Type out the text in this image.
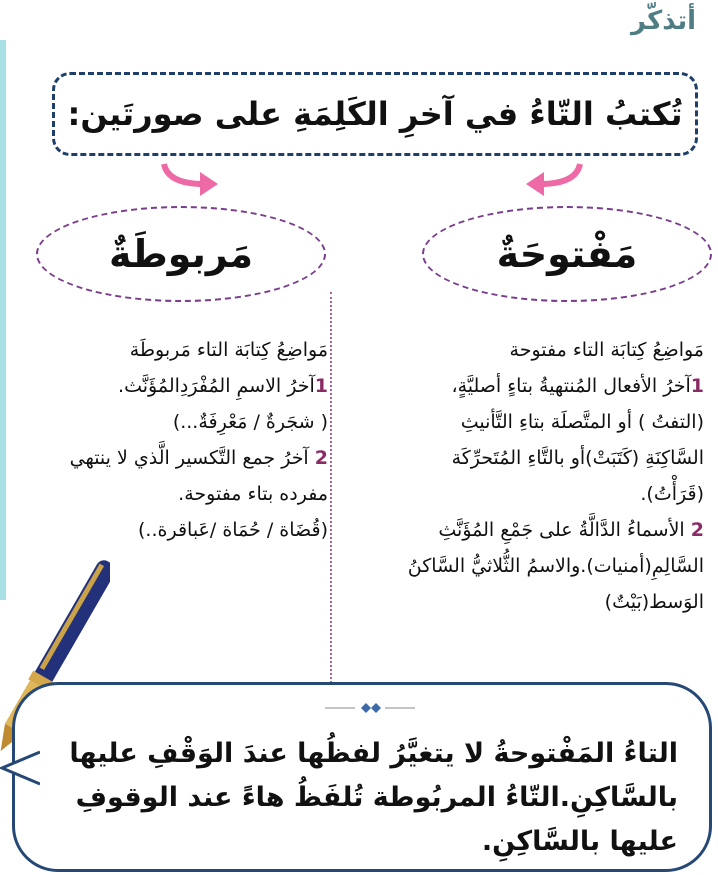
أتذكّر
تُكتبُ التّاءُ في آخرِ الكَلِمَةِ على صورتَين:
مَفْتوحَةٌ
مَربوطَةٌ
مَواضِعُ كِتابَة التاء مفتوحة
1آخرُ الأفعال المُنتهيةُ بتاءٍ أصليَّةٍ،
(التفتُ ) أو المتَّصلَة بتاءِ التَّأنيثِ
السَّاكِنَةِ (كَتَبَتْ)أو بالتَّاءِ المُتَحرِّكَة
(قَرَأْتُ).
2 الأسماءُ الدَّالَّةُ على جَمْعِ المُؤَنَّثِ
السَّالِمِ(أمنيات).والاسمُ الثُّلاثيُّ السَّاكنُ
الوَسط(بَيْتٌ)
مَواضِعُ كِتابَة التاء مَربوطَة
1آخرُ الاسمِ المُفْرَدِالمُؤَنَّث.
( شجَرةٌ / مَعْرِفَةٌ...)
2 آخرُ جمع التَّكسير الَّذي لا ينتهي
مفرده بتاء مفتوحة.
(قُضَاة / حُمَاة /عَباقرة..)
التاءُ المَفْتوحةُ لا يتغيَّرُ لفظُها عندَ الوَقْفِ عليها
بالسَّاكِنِ.التّاءُ المربُوطة تُلفَظُ هاءً عند الوقوفِ
عليها بالسَّاكِنِ.
